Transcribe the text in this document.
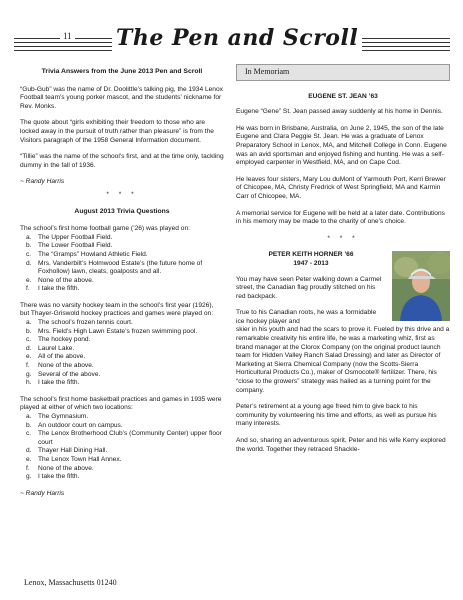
11 The Pen and Scroll
Trivia Answers from the June 2013 Pen and Scroll

“Gub-Gub” was the name of Dr. Doolittle’s talking pig, the 1934 Lenox Football team’s young porker mascot, and the students’ nickname for Rev. Monks.

The quote about “girls exhibiting their freedom to those who are locked away in the pursuit of truth rather than pleasure” is from the Visitors paragraph of the 1958 General Information document.

“Tillie” was the name of the school’s first, and at the time only, tackling dummy in the fall of 1936.

~ Randy Harris
* * *
August 2013 Trivia Questions
The school’s first home football game (’26) was played on:
a. The Upper Football Field.
b. The Lower Football Field.
c. The “Gramps” Howland Athletic Field.
d. Mrs. Vanderbilt’s Holmwood Estate’s (the future home of Foxhollow) lawn, cleats, goalposts and all.
e. None of the above.
f. I take the fifth.
There was no varsity hockey team in the school’s first year (1926), but Thayer-Griswold hockey practices and games were played on:
a. The school’s frozen tennis court.
b. Mrs. Field’s High Lawn Estate’s frozen swimming pool.
c. The hockey pond.
d. Laurel Lake.
e. All of the above.
f. None of the above.
g. Several of the above.
h. I take the fifth.
The school’s first home basketball practices and games in 1935 were played at either of which two locations:
a. The Gymnasium.
b. An outdoor court on campus.
c. The Lenox Brotherhood Club’s (Community Center) upper floor court
d. Thayer Hall Dining Hall.
e. The Lenox Town Hall Annex.
f. None of the above.
g. I take the fifth.
~ Randy Harris
In Memoriam
EUGENE ST. JEAN ’63

Eugene “Gene” St. Jean passed away suddenly at his home in Dennis.

He was born in Brisbane, Australia, on June 2, 1945, the son of the late Eugene and Clara Peggie St. Jean. He was a graduate of Lenox Preparatory School in Lenox, MA, and Mitchell College in Conn. Eugene was an avid sportsman and enjoyed fishing and hunting. He was a self-employed carpenter in Westfield, MA, and on Cape Cod.

He leaves four sisters, Mary Lou duMont of Yarmouth Port, Kerri Brewer of Chicopee, MA, Christy Fredrick of West Springfield, MA and Karmin Carr of Chicopee, MA.

A memorial service for Eugene will be held at a later date. Contributions in his memory may be made to the charity of one’s choice.

* * *
PETER KEITH HORNER ’66
1947 - 2013

You may have seen Peter walking down a Carmel street, the Canadian flag proudly stitched on his red backpack.

True to his Canadian roots, he was a formidable ice hockey player and

skier in his youth and had the scars to prove it. Fueled by this drive and a remarkable creativity his entire life, he was a marketing whiz, first as brand manager at the Clorox Company (on the original product launch team for Hidden Valley Ranch Salad Dressing) and later as Director of Marketing at Sierra Chemical Company (now the Scotts-Sierra Horticultural Products Co.), maker of Osmocote® fertilizer. There, his “close to the growers” strategy was hailed as a turning point for the company.

Peter’s retirement at a young age freed him to give back to his community by volunteering his time and efforts, as well as pursue his many interests.

And so, sharing an adventurous spirit, Peter and his wife Kerry explored the world. Together they retraced Shackle-

Lenox, Massachusetts 01240
